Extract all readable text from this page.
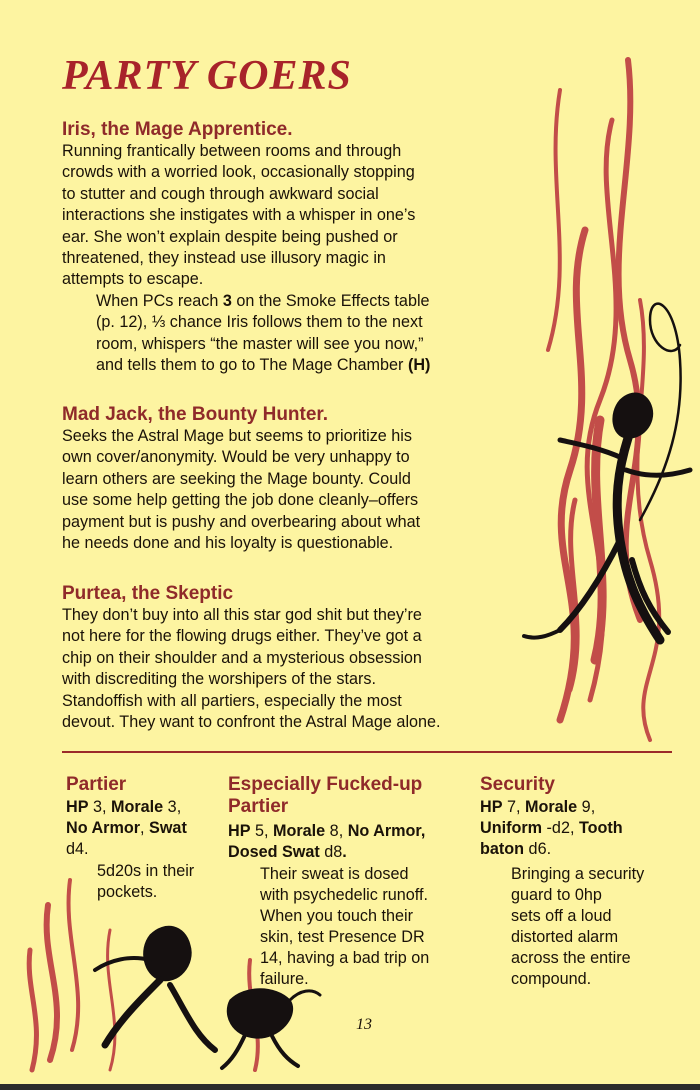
PARTY GOERS
Iris, the Mage Apprentice.
Running frantically between rooms and through
crowds with a worried look, occasionally stopping
to stutter and cough through awkward social
interactions she instigates with a whisper in one’s
ear. She won’t explain despite being pushed or
threatened, they instead use illusory magic in
attempts to escape.
When PCs reach 3 on the Smoke Effects table
(p. 12), ⅓ chance Iris follows them to the next
room, whispers “the master will see you now,”
and tells them to go to The Mage Chamber (H)
Mad Jack, the Bounty Hunter.
Seeks the Astral Mage but seems to prioritize his
own cover/anonymity. Would be very unhappy to
learn others are seeking the Mage bounty. Could
use some help getting the job done cleanly–offers
payment but is pushy and overbearing about what
he needs done and his loyalty is questionable.
Purtea, the Skeptic
They don’t buy into all this star god shit but they’re
not here for the flowing drugs either. They’ve got a
chip on their shoulder and a mysterious obsession
with discrediting the worshipers of the stars.
Standoffish with all partiers, especially the most
devout. They want to confront the Astral Mage alone.
Partier
HP 3, Morale 3,
No Armor, Swat
d4.
5d20s in their
pockets.
Especially Fucked-up
Partier
HP 5, Morale 8, No Armor,
Dosed Swat d8.
Their sweat is dosed
with psychedelic runoff.
When you touch their
skin, test Presence DR
14, having a bad trip on
failure.
Security
HP 7, Morale 9,
Uniform -d2, Tooth
baton d6.
Bringing a security
guard to 0hp
sets off a loud
distorted alarm
across the entire
compound.
13
